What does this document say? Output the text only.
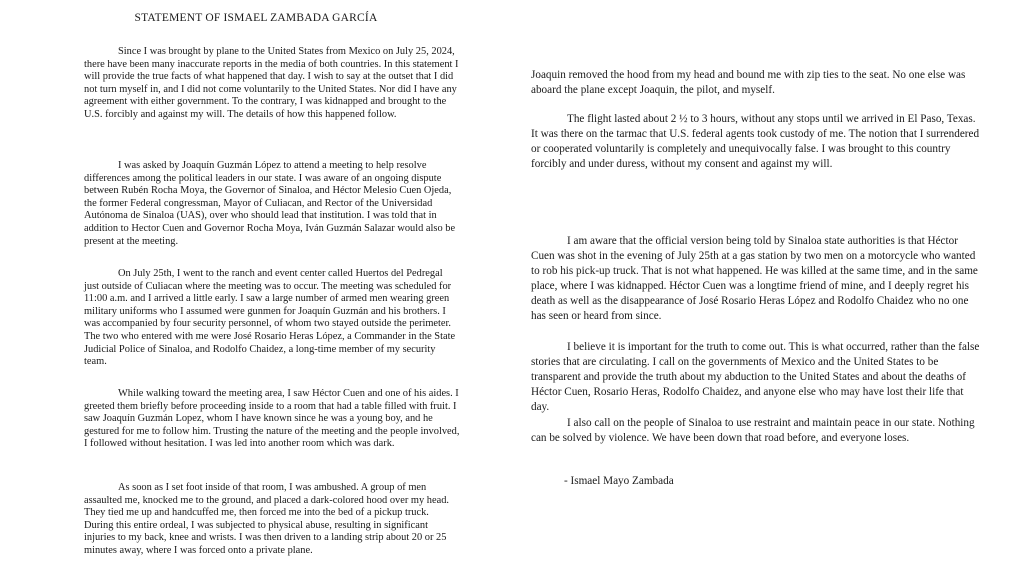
STATEMENT OF ISMAEL ZAMBADA GARCÍA

Since I was brought by plane to the United States from Mexico on July 25, 2024, there have been many inaccurate reports in the media of both countries. In this statement I will provide the true facts of what happened that day. I wish to say at the outset that I did not turn myself in, and I did not come voluntarily to the United States. Nor did I have any agreement with either government. To the contrary, I was kidnapped and brought to the U.S. forcibly and against my will. The details of how this happened follow.

I was asked by Joaquín Guzmán López to attend a meeting to help resolve differences among the political leaders in our state. I was aware of an ongoing dispute between Rubén Rocha Moya, the Governor of Sinaloa, and Héctor Melesio Cuen Ojeda, the former Federal congressman, Mayor of Culiacan, and Rector of the Universidad Autónoma de Sinaloa (UAS), over who should lead that institution. I was told that in addition to Hector Cuen and Governor Rocha Moya, Iván Guzmán Salazar would also be present at the meeting.

On July 25th, I went to the ranch and event center called Huertos del Pedregal just outside of Culiacan where the meeting was to occur. The meeting was scheduled for 11:00 a.m. and I arrived a little early. I saw a large number of armed men wearing green military uniforms who I assumed were gunmen for Joaquín Guzmán and his brothers. I was accompanied by four security personnel, of whom two stayed outside the perimeter. The two who entered with me were José Rosario Heras López, a Commander in the State Judicial Police of Sinaloa, and Rodolfo Chaidez, a long-time member of my security team.

While walking toward the meeting area, I saw Héctor Cuen and one of his aides. I greeted them briefly before proceeding inside to a room that had a table filled with fruit. I saw Joaquín Guzmán Lopez, whom I have known since he was a young boy, and he gestured for me to follow him. Trusting the nature of the meeting and the people involved, I followed without hesitation. I was led into another room which was dark.

As soon as I set foot inside of that room, I was ambushed. A group of men assaulted me, knocked me to the ground, and placed a dark-colored hood over my head. They tied me up and handcuffed me, then forced me into the bed of a pickup truck. During this entire ordeal, I was subjected to physical abuse, resulting in significant injuries to my back, knee and wrists. I was then driven to a landing strip about 20 or 25 minutes away, where I was forced onto a private plane.

Joaquin removed the hood from my head and bound me with zip ties to the seat. No one else was aboard the plane except Joaquin, the pilot, and myself.

The flight lasted about 2 ½ to 3 hours, without any stops until we arrived in El Paso, Texas. It was there on the tarmac that U.S. federal agents took custody of me. The notion that I surrendered or cooperated voluntarily is completely and unequivocally false. I was brought to this country forcibly and under duress, without my consent and against my will.

I am aware that the official version being told by Sinaloa state authorities is that Héctor Cuen was shot in the evening of July 25th at a gas station by two men on a motorcycle who wanted to rob his pick-up truck. That is not what happened. He was killed at the same time, and in the same place, where I was kidnapped. Héctor Cuen was a longtime friend of mine, and I deeply regret his death as well as the disappearance of José Rosario Heras López and Rodolfo Chaidez who no one has seen or heard from since.

I believe it is important for the truth to come out. This is what occurred, rather than the false stories that are circulating. I call on the governments of Mexico and the United States to be transparent and provide the truth about my abduction to the United States and about the deaths of Héctor Cuen, Rosario Heras, Rodolfo Chaidez, and anyone else who may have lost their life that day.

I also call on the people of Sinaloa to use restraint and maintain peace in our state. Nothing can be solved by violence. We have been down that road before, and everyone loses.

- Ismael Mayo Zambada
